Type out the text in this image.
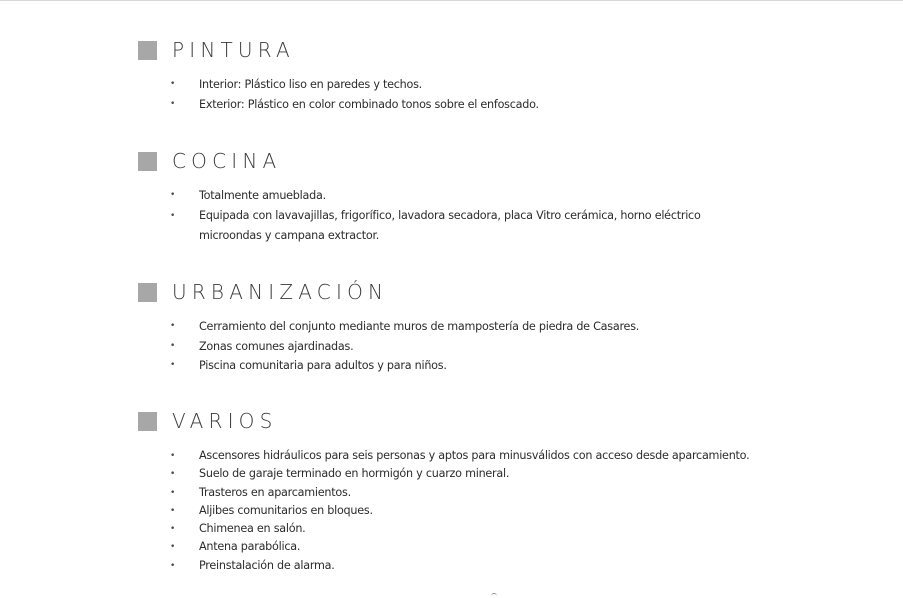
PINTURA
• Interior: Plástico liso en paredes y techos.
• Exterior: Plástico en color combinado tonos sobre el enfoscado.
COCINA
• Totalmente amueblada.
• Equipada con lavavajillas, frigorífico, lavadora secadora, placa Vitro cerámica, horno eléctrico microondas y campana extractor.
URBANIZACIÓN
• Cerramiento del conjunto mediante muros de mampostería de piedra de Casares.
• Zonas comunes ajardinadas.
• Piscina comunitaria para adultos y para niños.
VARIOS
• Ascensores hidráulicos para seis personas y aptos para minusválidos con acceso desde aparcamiento.
• Suelo de garaje terminado en hormigón y cuarzo mineral.
• Trasteros en aparcamientos.
• Aljibes comunitarios en bloques.
• Chimenea en salón.
• Antena parabólica.
• Preinstalación de alarma.
